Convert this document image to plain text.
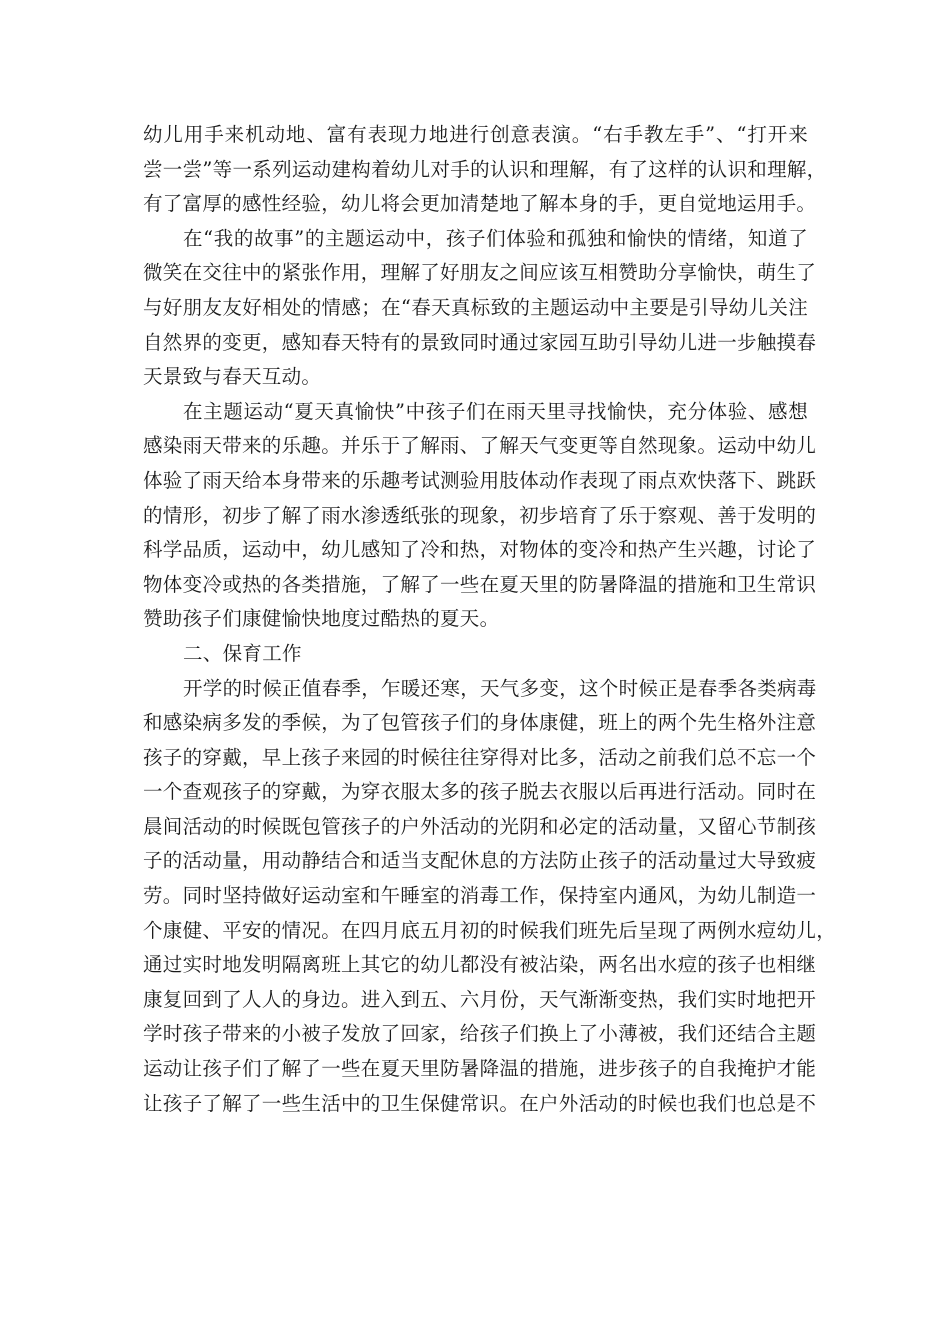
幼儿用手来机动地、富有表现力地进行创意表演。“右手教左手”、“打开来
尝一尝”等一系列运动建构着幼儿对手的认识和理解，有了这样的认识和理解，
有了富厚的感性经验，幼儿将会更加清楚地了解本身的手，更自觉地运用手。
在“我的故事”的主题运动中，孩子们体验和孤独和愉快的情绪，知道了
微笑在交往中的紧张作用，理解了好朋友之间应该互相赞助分享愉快，萌生了
与好朋友友好相处的情感；在“春天真标致的主题运动中主要是引导幼儿关注
自然界的变更，感知春天特有的景致同时通过家园互助引导幼儿进一步触摸春
天景致与春天互动。
在主题运动“夏天真愉快”中孩子们在雨天里寻找愉快，充分体验、感想
感染雨天带来的乐趣。并乐于了解雨、了解天气变更等自然现象。运动中幼儿
体验了雨天给本身带来的乐趣考试测验用肢体动作表现了雨点欢快落下、跳跃
的情形，初步了解了雨水渗透纸张的现象，初步培育了乐于察观、善于发明的
科学品质，运动中，幼儿感知了冷和热，对物体的变冷和热产生兴趣，讨论了
物体变冷或热的各类措施，了解了一些在夏天里的防暑降温的措施和卫生常识
赞助孩子们康健愉快地度过酷热的夏天。
二、保育工作
开学的时候正值春季，乍暖还寒，天气多变，这个时候正是春季各类病毒
和感染病多发的季候，为了包管孩子们的身体康健，班上的两个先生格外注意
孩子的穿戴，早上孩子来园的时候往往穿得对比多，活动之前我们总不忘一个
一个查观孩子的穿戴，为穿衣服太多的孩子脱去衣服以后再进行活动。同时在
晨间活动的时候既包管孩子的户外活动的光阴和必定的活动量，又留心节制孩
子的活动量，用动静结合和适当支配休息的方法防止孩子的活动量过大导致疲
劳。同时坚持做好运动室和午睡室的消毒工作，保持室内通风，为幼儿制造一
个康健、平安的情况。在四月底五月初的时候我们班先后呈现了两例水痘幼儿，
通过实时地发明隔离班上其它的幼儿都没有被沾染，两名出水痘的孩子也相继
康复回到了人人的身边。进入到五、六月份，天气渐渐变热，我们实时地把开
学时孩子带来的小被子发放了回家，给孩子们换上了小薄被，我们还结合主题
运动让孩子们了解了一些在夏天里防暑降温的措施，进步孩子的自我掩护才能
让孩子了解了一些生活中的卫生保健常识。在户外活动的时候也我们也总是不
